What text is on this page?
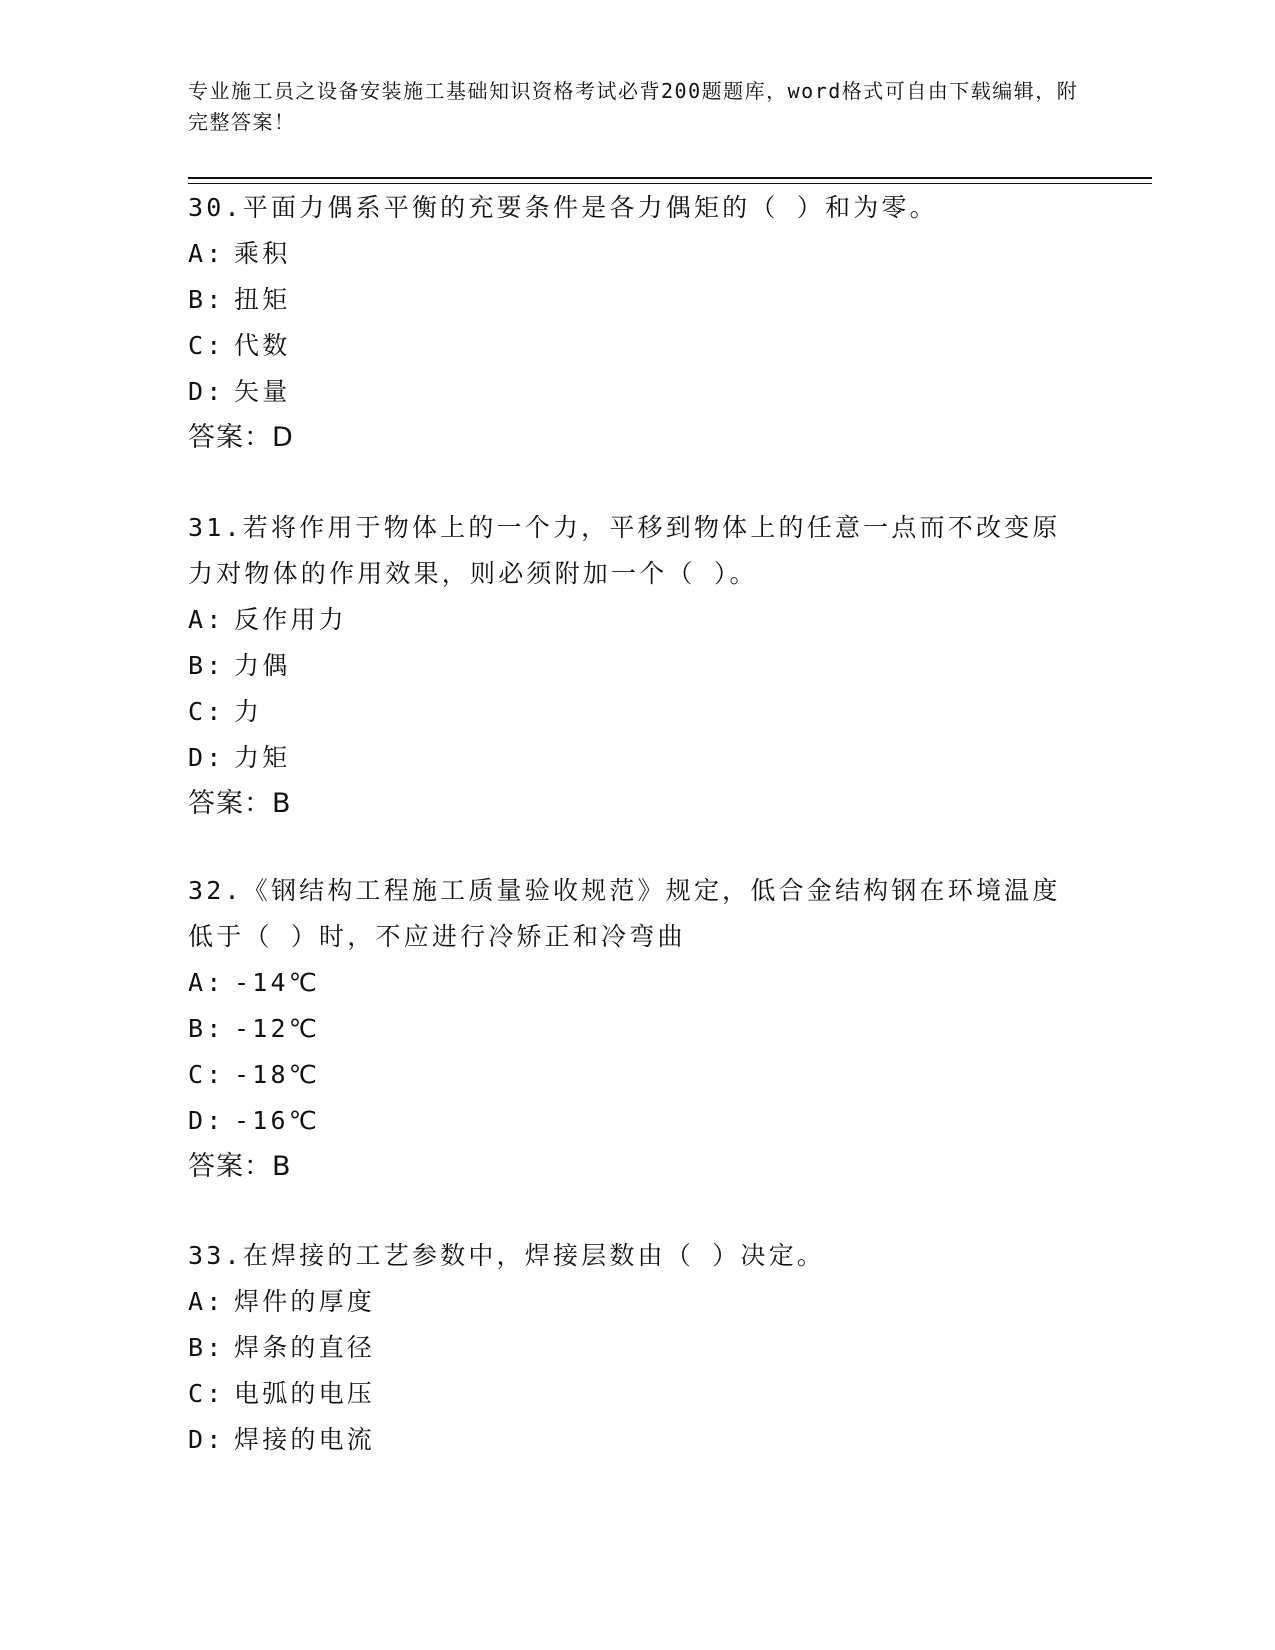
专业施工员之设备安装施工基础知识资格考试必背200题题库，word格式可自由下载编辑，附完整答案！

30.平面力偶系平衡的充要条件是各力偶矩的（ ）和为零。

A: 乘积

B: 扭矩

C: 代数

D: 矢量

答案：D

31.若将作用于物体上的一个力，平移到物体上的任意一点而不改变原力对物体的作用效果，则必须附加一个（ ）。

A: 反作用力

B: 力偶

C: 力

D: 力矩

答案：B

32.《钢结构工程施工质量验收规范》规定，低合金结构钢在环境温度低于（ ）时，不应进行冷矫正和冷弯曲

A: -14℃

B: -12℃

C: -18℃

D: -16℃

答案：B

33.在焊接的工艺参数中，焊接层数由（ ）决定。

A: 焊件的厚度

B: 焊条的直径

C: 电弧的电压

D: 焊接的电流
